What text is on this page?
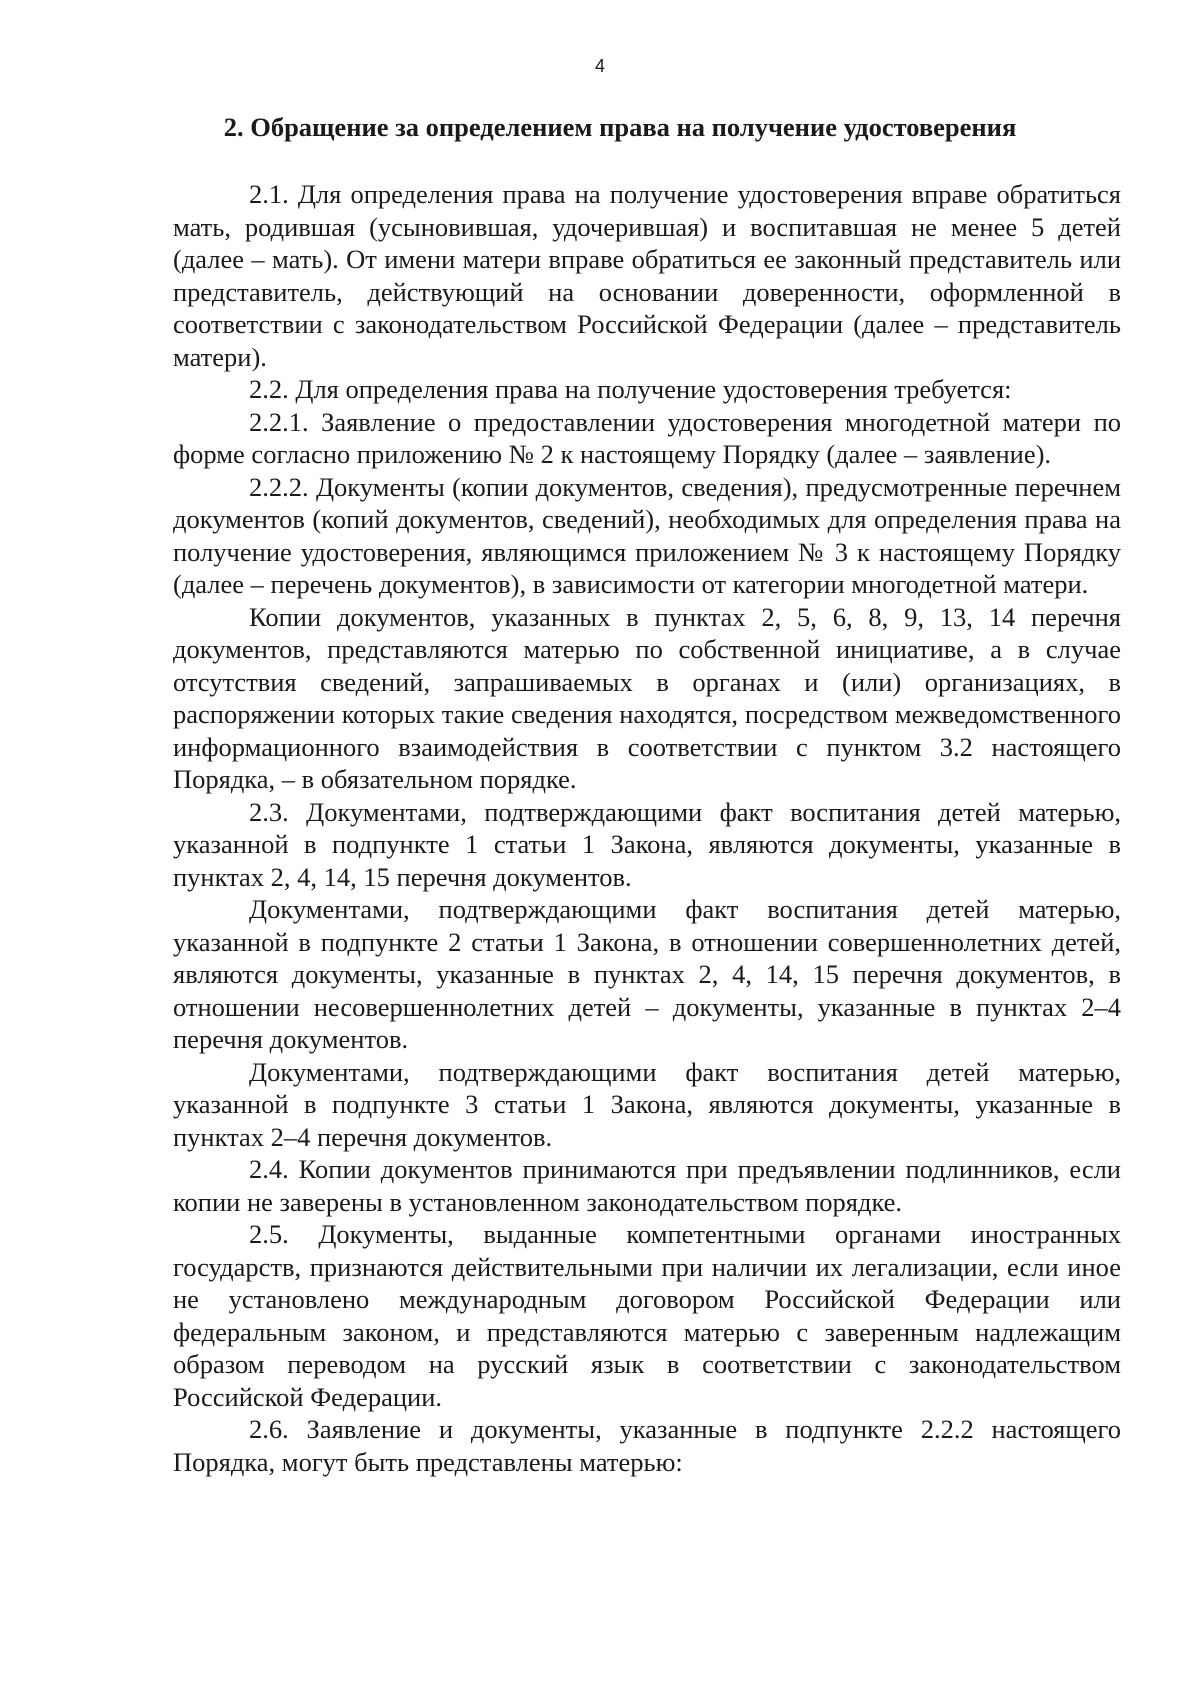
4
2. Обращение за определением права на получение удостоверения

2.1. Для определения права на получение удостоверения вправе обратиться мать, родившая (усыновившая, удочерившая) и воспитавшая не менее 5 детей (далее – мать). От имени матери вправе обратиться ее законный представитель или представитель, действующий на основании доверенности, оформленной в соответствии с законодательством Российской Федерации (далее – представитель матери).

2.2. Для определения права на получение удостоверения требуется:

2.2.1. Заявление о предоставлении удостоверения многодетной матери по форме согласно приложению № 2 к настоящему Порядку (далее – заявление).

2.2.2. Документы (копии документов, сведения), предусмотренные перечнем документов (копий документов, сведений), необходимых для определения права на получение удостоверения, являющимся приложением № 3 к настоящему Порядку (далее – перечень документов), в зависимости от категории многодетной матери.

Копии документов, указанных в пунктах 2, 5, 6, 8, 9, 13, 14 перечня документов, представляются матерью по собственной инициативе, а в случае отсутствия сведений, запрашиваемых в органах и (или) организациях, в распоряжении которых такие сведения находятся, посредством межведомственного информационного взаимодействия в соответствии с пунктом 3.2 настоящего Порядка, – в обязательном порядке.

2.3. Документами, подтверждающими факт воспитания детей матерью, указанной в подпункте 1 статьи 1 Закона, являются документы, указанные в пунктах 2, 4, 14, 15 перечня документов.

Документами, подтверждающими факт воспитания детей матерью, указанной в подпункте 2 статьи 1 Закона, в отношении совершеннолетних детей, являются документы, указанные в пунктах 2, 4, 14, 15 перечня документов, в отношении несовершеннолетних детей – документы, указанные в пунктах 2–4 перечня документов.

Документами, подтверждающими факт воспитания детей матерью, указанной в подпункте 3 статьи 1 Закона, являются документы, указанные в пунктах 2–4 перечня документов.

2.4. Копии документов принимаются при предъявлении подлинников, если копии не заверены в установленном законодательством порядке.

2.5. Документы, выданные компетентными органами иностранных государств, признаются действительными при наличии их легализации, если иное не установлено международным договором Российской Федерации или федеральным законом, и представляются матерью с заверенным надлежащим образом переводом на русский язык в соответствии с законодательством Российской Федерации.

2.6. Заявление и документы, указанные в подпункте 2.2.2 настоящего Порядка, могут быть представлены матерью:
